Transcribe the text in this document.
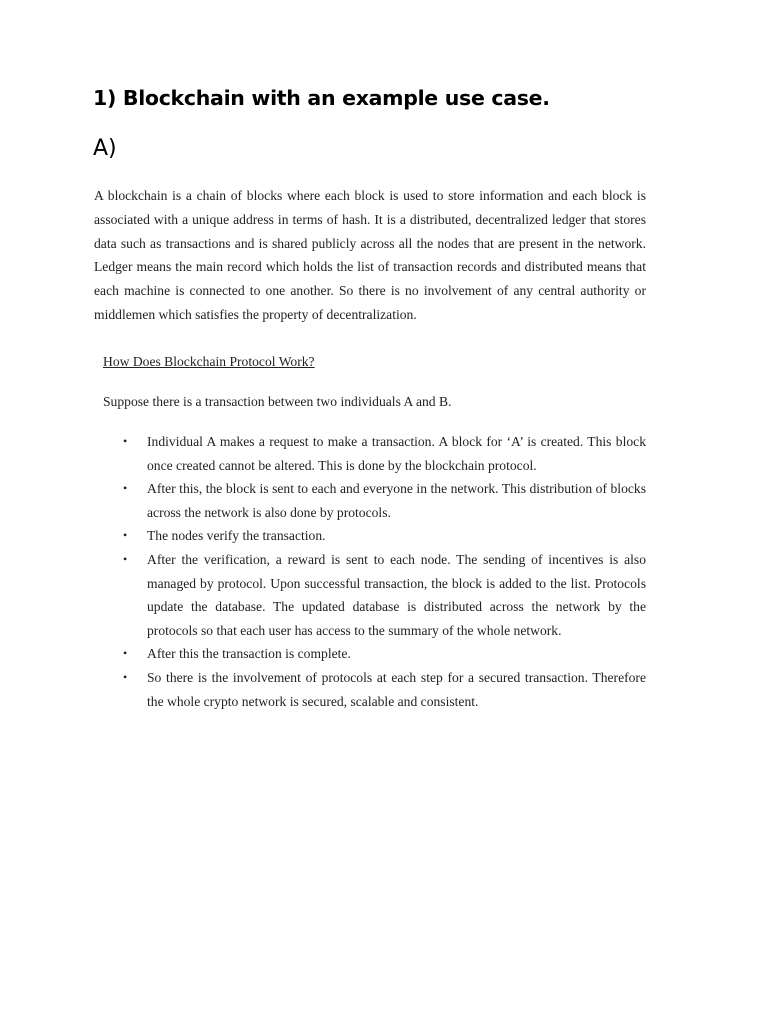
1) Blockchain with an example use case.
A)

A blockchain is a chain of blocks where each block is used to store information and each block is associated with a unique address in terms of hash. It is a distributed, decentralized ledger that stores data such as transactions and is shared publicly across all the nodes that are present in the network. Ledger means the main record which holds the list of transaction records and distributed means that each machine is connected to one another. So there is no involvement of any central authority or middlemen which satisfies the property of decentralization.

How Does Blockchain Protocol Work?
Suppose there is a transaction between two individuals A and B.
• Individual A makes a request to make a transaction. A block for ‘A’ is created. This block once created cannot be altered. This is done by the blockchain protocol.
• After this, the block is sent to each and everyone in the network. This distribution of blocks across the network is also done by protocols.
• The nodes verify the transaction.
• After the verification, a reward is sent to each node. The sending of incentives is also managed by protocol. Upon successful transaction, the block is added to the list. Protocols update the database. The updated database is distributed across the network by the protocols so that each user has access to the summary of the whole network.
• After this the transaction is complete.
• So there is the involvement of protocols at each step for a secured transaction. Therefore the whole crypto network is secured, scalable and consistent.
